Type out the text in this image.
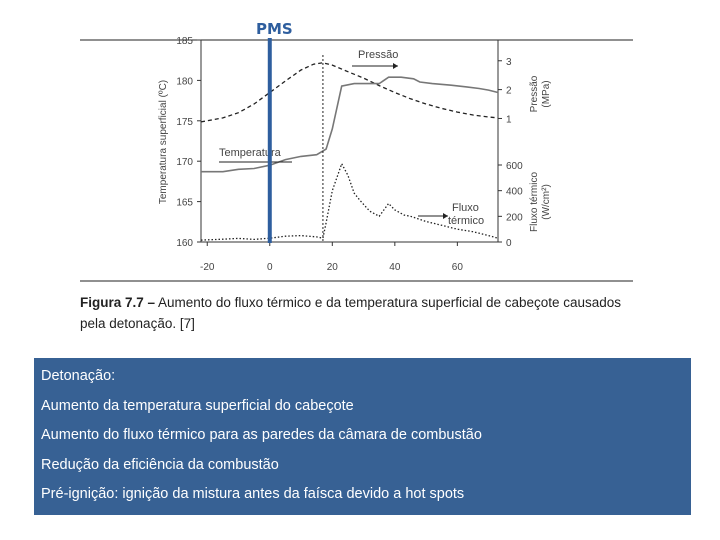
-20	0	20	40	60
185
180
175
170
165
160
3
2
1
600
400
200
0
Temperatura superficial (ºC)	Pressão (MPa)
Fluxo térmico (W/cm²)
Pressão
Temperatura
Fluxo
térmico
PMS
Figura 7.7 – Aumento do fluxo térmico e da temperatura superficial de cabeçote causados pela detonação. [7]
Detonação:
Aumento da temperatura superficial do cabeçote
Aumento do fluxo térmico para as paredes da câmara de combustão
Redução da eficiência da combustão
Pré-ignição: ignição da mistura antes da faísca devido a hot spots
